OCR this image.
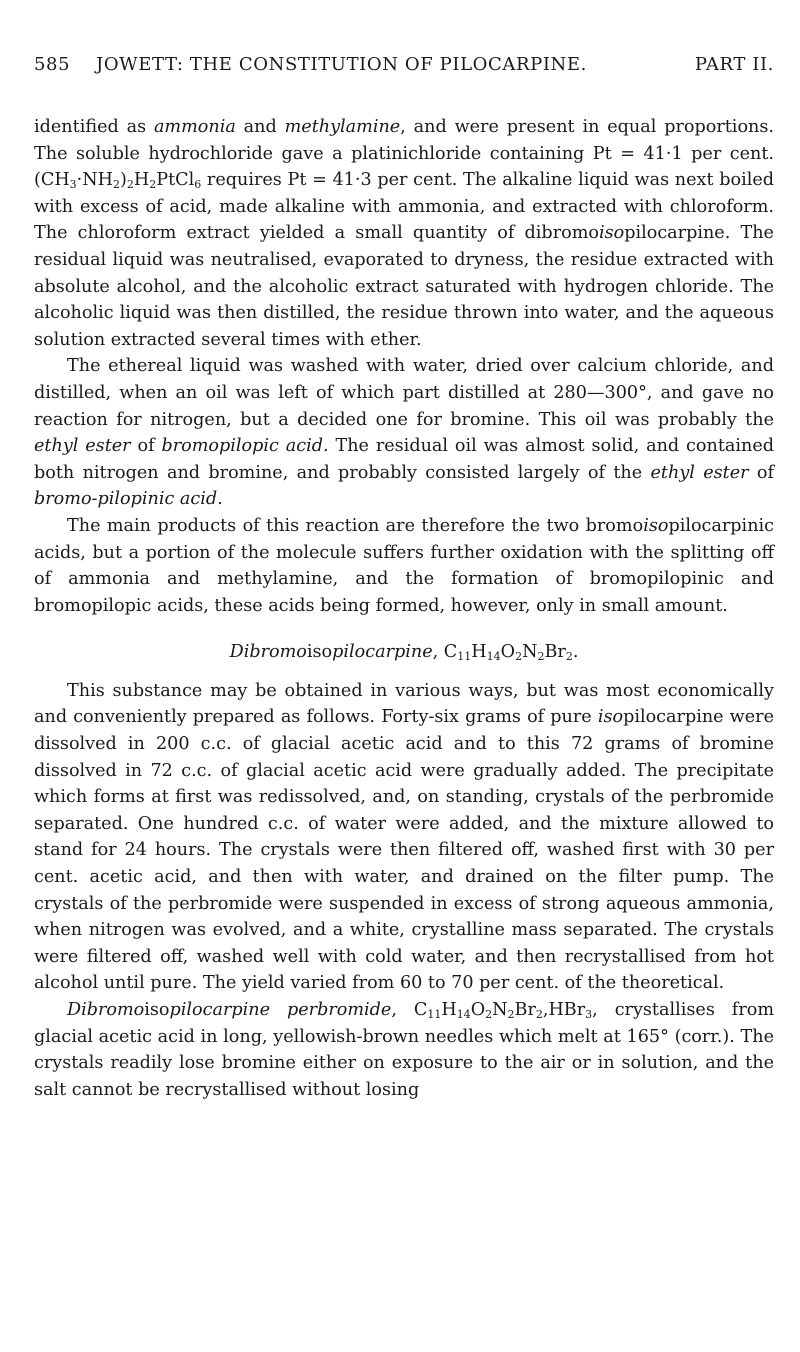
585 JOWETT: THE CONSTITUTION OF PILOCARPINE.	PART II.

identified as ammonia and methylamine, and were present in equal proportions. The soluble hydrochloride gave a platinichloride containing Pt = 41·1 per cent. $(CH_3\cdot NH_2)_2H_2PtCl_6$ requires Pt = 41·3 per cent. The alkaline liquid was next boiled with excess of acid, made alkaline with ammonia, and extracted with chloroform. The chloroform extract yielded a small quantity of dibromoisopilocarpine. The residual liquid was neutralised, evaporated to dryness, the residue extracted with absolute alcohol, and the alcoholic extract saturated with hydrogen chloride. The alcoholic liquid was then distilled, the residue thrown into water, and the aqueous solution extracted several times with ether.

The ethereal liquid was washed with water, dried over calcium chloride, and distilled, when an oil was left of which part distilled at 280—300°, and gave no reaction for nitrogen, but a decided one for bromine. This oil was probably the ethyl ester of bromopilopic acid. The residual oil was almost solid, and contained both nitrogen and bromine, and probably consisted largely of the ethyl ester of bromo-pilopinic acid.

The main products of this reaction are therefore the two bromoisopilocarpinic acids, but a portion of the molecule suffers further oxidation with the splitting off of ammonia and methylamine, and the formation of bromopilopinic and bromopilopic acids, these acids being formed, however, only in small amount.

Dibromoisopilocarpine, $C_{11}H_{14}O_2N_2Br_2$.

This substance may be obtained in various ways, but was most economically and conveniently prepared as follows. Forty-six grams of pure isopilocarpine were dissolved in 200 c.c. of glacial acetic acid and to this 72 grams of bromine dissolved in 72 c.c. of glacial acetic acid were gradually added. The precipitate which forms at first was redissolved, and, on standing, crystals of the perbromide separated. One hundred c.c. of water were added, and the mixture allowed to stand for 24 hours. The crystals were then filtered off, washed first with 30 per cent. acetic acid, and then with water, and drained on the filter pump. The crystals of the perbromide were suspended in excess of strong aqueous ammonia, when nitrogen was evolved, and a white, crystalline mass separated. The crystals were filtered off, washed well with cold water, and then recrystallised from hot alcohol until pure. The yield varied from 60 to 70 per cent. of the theoretical.

Dibromoisopilocarpine perbromide, $C_{11}H_{14}O_2N_2Br_2,HBr_3$, crystallises from glacial acetic acid in long, yellowish-brown needles which melt at 165° (corr.). The crystals readily lose bromine either on exposure to the air or in solution, and the salt cannot be recrystallised without losing
